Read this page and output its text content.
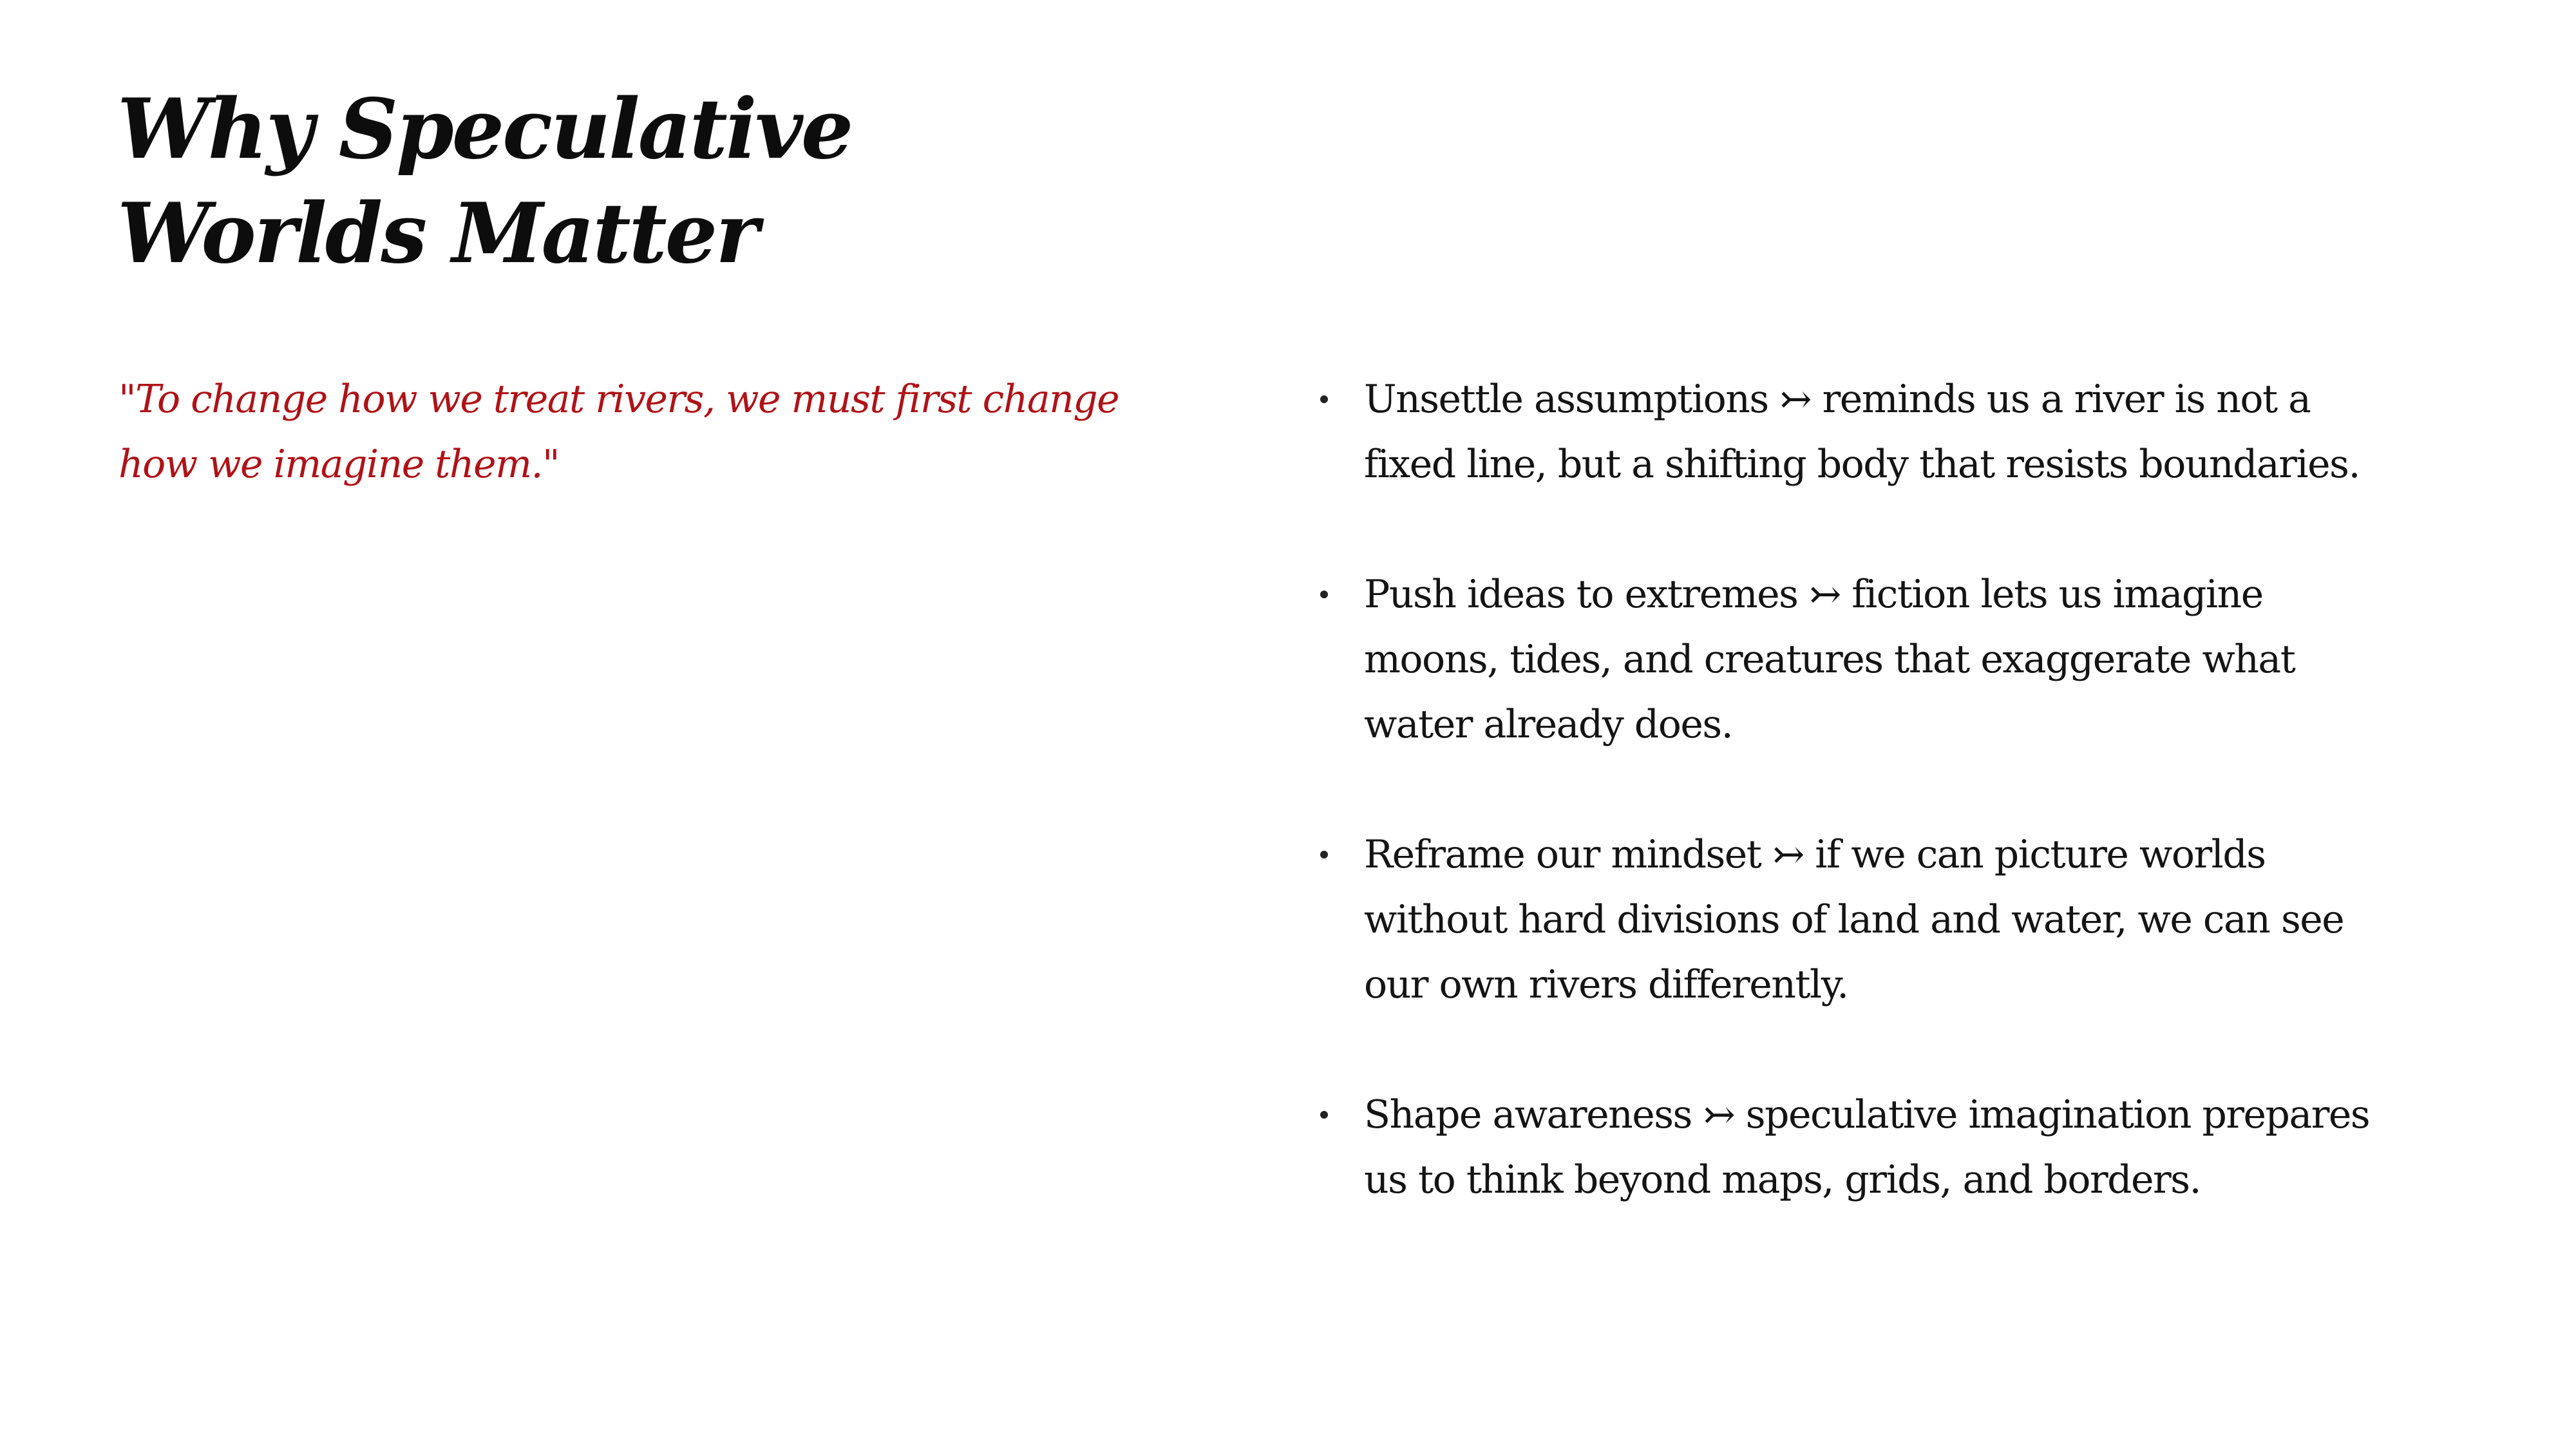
Why Speculative
Worlds Matter

"To change how we treat rivers, we must first change
how we imagine them."

Unsettle assumptions ↣ reminds us a river is not a
fixed line, but a shifting body that resists boundaries.
Push ideas to extremes ↣ fiction lets us imagine
moons, tides, and creatures that exaggerate what
water already does.
Reframe our mindset ↣ if we can picture worlds
without hard divisions of land and water, we can see
our own rivers differently.
Shape awareness ↣ speculative imagination prepares
us to think beyond maps, grids, and borders.
